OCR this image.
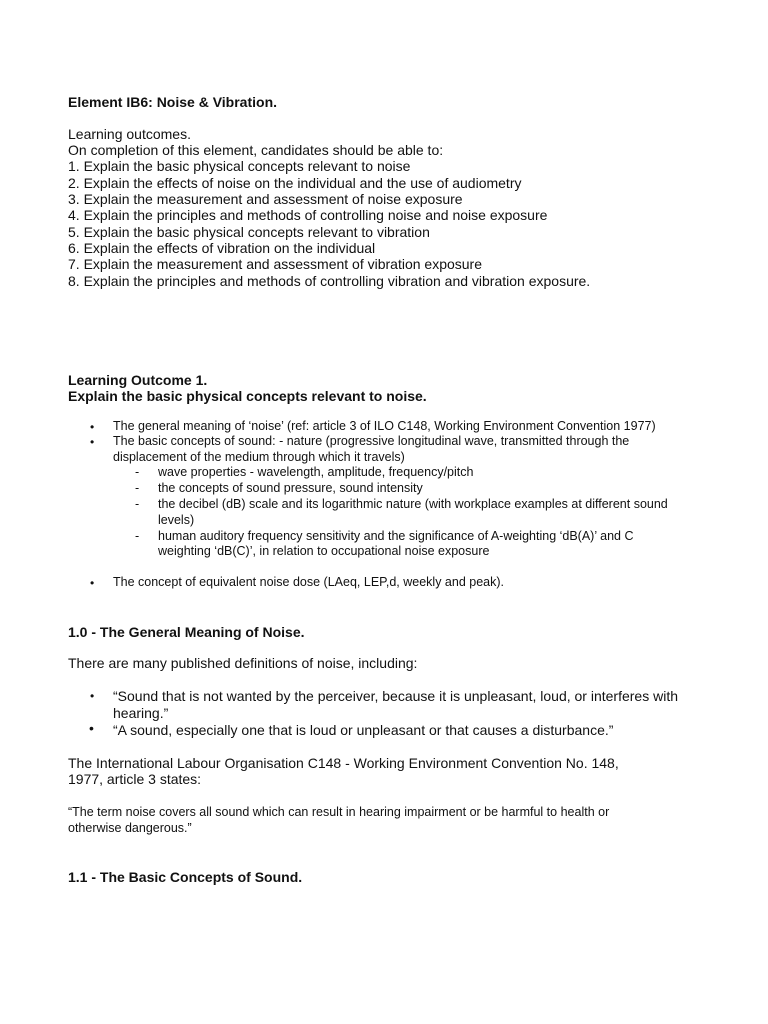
Element IB6: Noise & Vibration.
Learning outcomes.
On completion of this element, candidates should be able to:
1. Explain the basic physical concepts relevant to noise
2. Explain the effects of noise on the individual and the use of audiometry
3. Explain the measurement and assessment of noise exposure
4. Explain the principles and methods of controlling noise and noise exposure
5. Explain the basic physical concepts relevant to vibration
6. Explain the effects of vibration on the individual
7. Explain the measurement and assessment of vibration exposure
8. Explain the principles and methods of controlling vibration and vibration exposure.
Learning Outcome 1.
Explain the basic physical concepts relevant to noise.
• The general meaning of ‘noise’ (ref: article 3 of ILO C148, Working Environment Convention 1977)
• The basic concepts of sound: - nature (progressive longitudinal wave, transmitted through the
displacement of the medium through which it travels)
- wave properties - wavelength, amplitude, frequency/pitch
- the concepts of sound pressure, sound intensity
- the decibel (dB) scale and its logarithmic nature (with workplace examples at different sound
levels)
- human auditory frequency sensitivity and the significance of A-weighting ‘dB(A)’ and C
weighting ‘dB(C)’, in relation to occupational noise exposure
• The concept of equivalent noise dose (LAeq, LEP,d, weekly and peak).
1.0 - The General Meaning of Noise.
There are many published definitions of noise, including:
• “Sound that is not wanted by the perceiver, because it is unpleasant, loud, or interferes with
hearing.”
• “A sound, especially one that is loud or unpleasant or that causes a disturbance.”
The International Labour Organisation C148 - Working Environment Convention No. 148,
1977, article 3 states:
“The term noise covers all sound which can result in hearing impairment or be harmful to health or
otherwise dangerous.”
1.1 - The Basic Concepts of Sound.
